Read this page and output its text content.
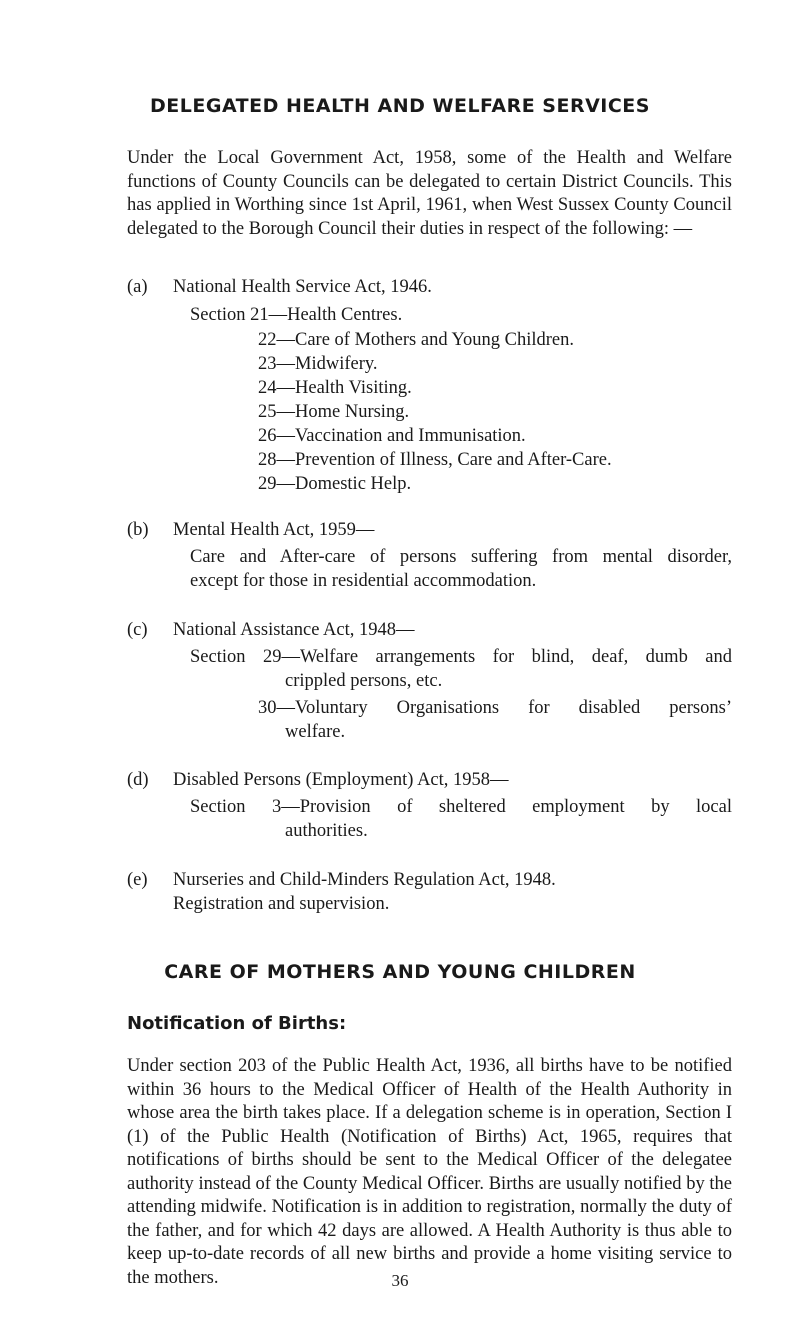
DELEGATED HEALTH AND WELFARE SERVICES

Under the Local Government Act, 1958, some of the Health and Welfare functions of County Councils can be delegated to certain District Councils. This has applied in Worthing since 1st April, 1961, when West Sussex County Council delegated to the Borough Council their duties in respect of the following: —

(a) National Health Service Act, 1946.
Section 21—Health Centres.
22—Care of Mothers and Young Children.
23—Midwifery.
24—Health Visiting.
25—Home Nursing.
26—Vaccination and Immunisation.
28—Prevention of Illness, Care and After-Care.
29—Domestic Help.
(b) Mental Health Act, 1959—
Care and After-care of persons suffering from mental disorder,
except for those in residential accommodation.
(c) National Assistance Act, 1948—
Section 29—Welfare arrangements for blind, deaf, dumb and
crippled persons, etc.
30—Voluntary Organisations for disabled persons’
welfare.
(d) Disabled Persons (Employment) Act, 1958—
Section 3—Provision of sheltered employment by local
authorities.
(e) Nurseries and Child-Minders Regulation Act, 1948.
Registration and supervision.
CARE OF MOTHERS AND YOUNG CHILDREN
Notification of Births:

Under section 203 of the Public Health Act, 1936, all births have to be notified within 36 hours to the Medical Officer of Health of the Health Authority in whose area the birth takes place. If a delegation scheme is in operation, Section I (1) of the Public Health (Notification of Births) Act, 1965, requires that notifications of births should be sent to the Medical Officer of the delegatee authority instead of the County Medical Officer. Births are usually notified by the attending midwife. Notification is in addition to registration, normally the duty of the father, and for which 42 days are allowed. A Health Authority is thus able to keep up-to-date records of all new births and provide a home visiting service to the mothers.	36
